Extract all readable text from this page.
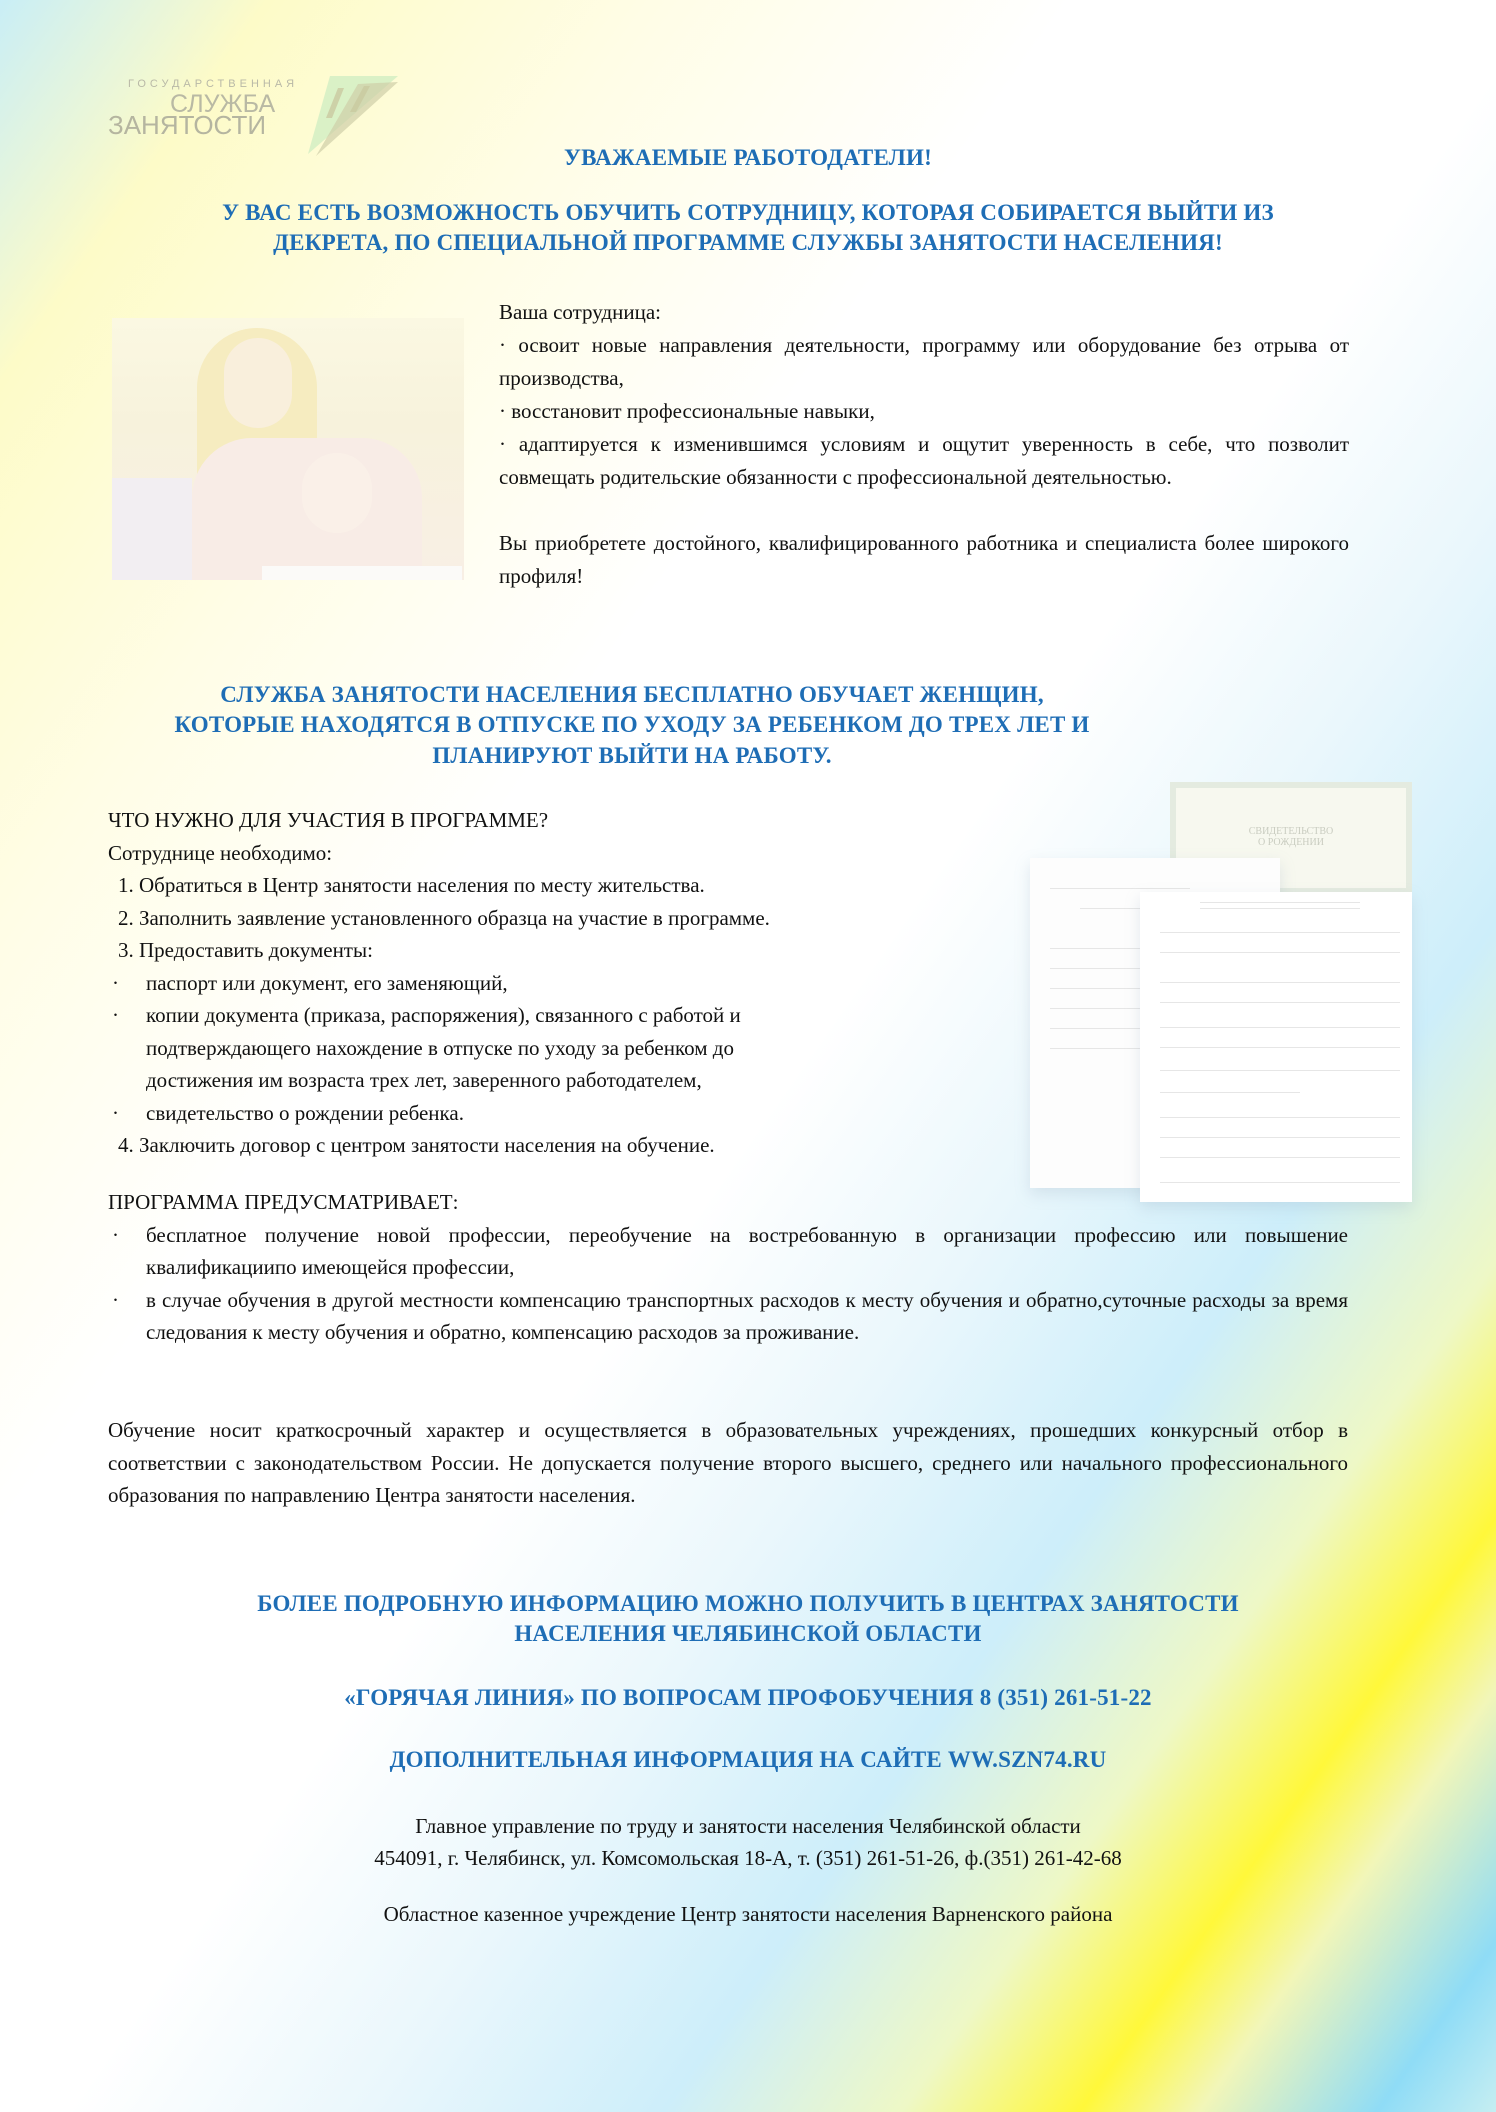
ГОСУДАРСТВЕННАЯ
СЛУЖБА
ЗАНЯТОСТИ
УВАЖАЕМЫЕ РАБОТОДАТЕЛИ!
У ВАС ЕСТЬ ВОЗМОЖНОСТЬ ОБУЧИТЬ СОТРУДНИЦУ, КОТОРАЯ СОБИРАЕТСЯ ВЫЙТИ ИЗ
ДЕКРЕТА, ПО СПЕЦИАЛЬНОЙ ПРОГРАММЕ СЛУЖБЫ ЗАНЯТОСТИ НАСЕЛЕНИЯ!
Ваша сотрудница:
· освоит новые направления деятельности, программу или оборудование без отрыва от производства,
· восстановит профессиональные навыки,
· адаптируется к изменившимся условиям и ощутит уверенность в себе, что позволит совмещать родительские обязанности с профессиональной деятельностью.
Вы приобретете достойного, квалифицированного работника и специалиста более широкого профиля!
СЛУЖБА ЗАНЯТОСТИ НАСЕЛЕНИЯ БЕСПЛАТНО ОБУЧАЕТ ЖЕНЩИН,
КОТОРЫЕ НАХОДЯТСЯ В ОТПУСКЕ ПО УХОДУ ЗА РЕБЕНКОМ ДО ТРЕХ ЛЕТ И
ПЛАНИРУЮТ ВЫЙТИ НА РАБОТУ.
ЧТО НУЖНО ДЛЯ УЧАСТИЯ В ПРОГРАММЕ?
Сотруднице необходимо:
1. Обратиться в Центр занятости населения по месту жительства.
2. Заполнить заявление установленного образца на участие в программе.
3. Предоставить документы:
· паспорт или документ, его заменяющий,
· копии документа (приказа, распоряжения), связанного с работой и подтверждающего нахождение в отпуске по уходу за ребенком до достижения им возраста трех лет, заверенного работодателем,
· свидетельство о рождении ребенка.
4. Заключить договор с центром занятости населения на обучение.
СВИДЕТЕЛЬСТВО
О РОЖДЕНИИ
ПРОГРАММА ПРЕДУСМАТРИВАЕТ:
· бесплатное получение новой профессии, переобучение на востребованную в организации профессию или повышение квалификациипо имеющейся профессии,
· в случае обучения в другой местности компенсацию транспортных расходов к месту обучения и обратно,суточные расходы за время следования к месту обучения и обратно, компенсацию расходов за проживание.
Обучение носит краткосрочный характер и осуществляется в образовательных учреждениях, прошедших конкурсный отбор в соответствии с законодательством России. Не допускается получение второго высшего, среднего или начального профессионального образования по направлению Центра занятости населения.
БОЛЕЕ ПОДРОБНУЮ ИНФОРМАЦИЮ МОЖНО ПОЛУЧИТЬ В ЦЕНТРАХ ЗАНЯТОСТИ
НАСЕЛЕНИЯ ЧЕЛЯБИНСКОЙ ОБЛАСТИ
«ГОРЯЧАЯ ЛИНИЯ» ПО ВОПРОСАМ ПРОФОБУЧЕНИЯ 8 (351) 261-51-22
ДОПОЛНИТЕЛЬНАЯ ИНФОРМАЦИЯ НА САЙТЕ WW.SZN74.RU
Главное управление по труду и занятости населения Челябинской области
454091, г. Челябинск, ул. Комсомольская 18-А, т. (351) 261-51-26, ф.(351) 261-42-68
Областное казенное учреждение Центр занятости населения Варненского района
